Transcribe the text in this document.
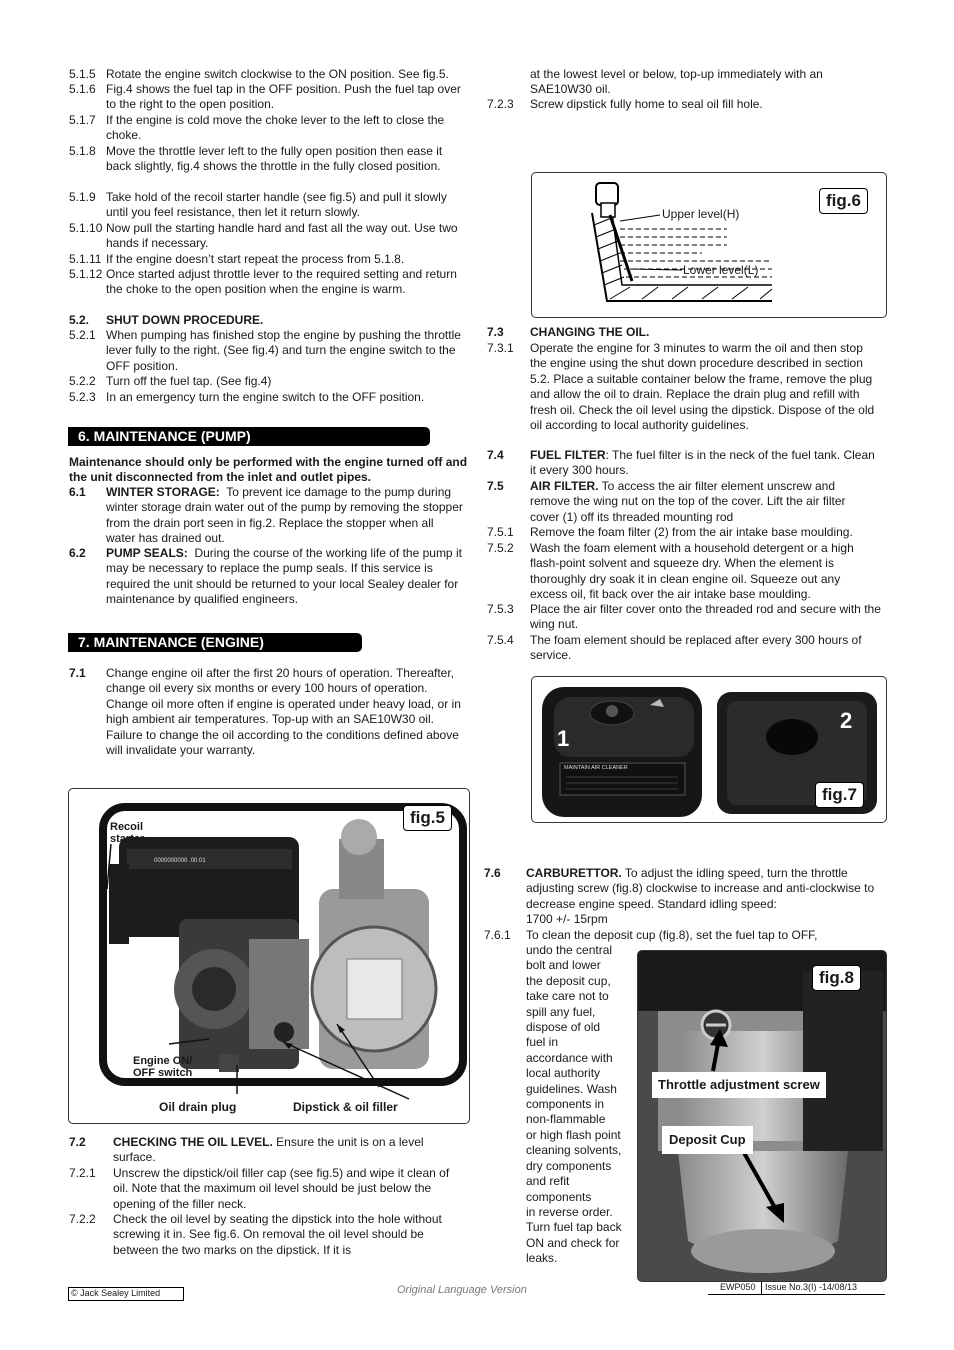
5.1.5 Rotate the engine switch clockwise to the ON position. See fig.5.
5.1.6 Fig.4 shows the fuel tap in the OFF position. Push the fuel tap over to the right to the open position.
5.1.7 If the engine is cold move the choke lever to the left to close the choke.
5.1.8 Move the throttle lever left to the fully open position then ease it back slightly, fig.4 shows the throttle in the fully closed position.
5.1.9 Take hold of the recoil starter handle (see fig.5) and pull it slowly until you feel resistance, then let it return slowly.
5.1.10 Now pull the starting handle hard and fast all the way out. Use two hands if necessary.
5.1.11 If the engine doesn’t start repeat the process from 5.1.8.
5.1.12 Once started adjust throttle lever to the required setting and return the choke to the open position when the engine is warm.
5.2. SHUT DOWN PROCEDURE.
5.2.1 When pumping has finished stop the engine by pushing the throttle lever fully to the right. (See fig.4) and turn the engine switch to the OFF position.
5.2.2 Turn off the fuel tap. (See fig.4)
5.2.3 In an emergency turn the engine switch to the OFF position.
6. MAINTENANCE (PUMP)
Maintenance should only be performed with the engine turned off and the unit disconnected from the inlet and outlet pipes.
6.1 WINTER STORAGE: To prevent ice damage to the pump during winter storage drain water out of the pump by removing the stopper from the drain port seen in fig.2. Replace the stopper when all water has drained out.
6.2 PUMP SEALS: During the course of the working life of the pump it may be necessary to replace the pump seals. If this service is required the unit should be returned to your local Sealey dealer for maintenance by qualified engineers.
7. MAINTENANCE (ENGINE)
7.1 Change engine oil after the first 20 hours of operation. Thereafter, change oil every six months or every 100 hours of operation. Change oil more often if engine is operated under heavy load, or in high ambient air temperatures. Top-up with an SAE10W30 oil. Failure to change the oil according to the conditions defined above will invalidate your warranty.
0000000000 .00.01
fig.5
Recoil starter
Engine ON/ OFF switch
Oil drain plug	Dipstick & oil filler
7.2 CHECKING THE OIL LEVEL. Ensure the unit is on a level surface.
7.2.1 Unscrew the dipstick/oil filler cap (see fig.5) and wipe it clean of oil. Note that the maximum oil level should be just below the opening of the filler neck.
7.2.2 Check the oil level by seating the dipstick into the hole without screwing it in. See fig.6. On removal the oil level should be between the two marks on the dipstick. If it is
at the lowest level or below, top-up immediately with an SAE10W30 oil.
7.2.3 Screw dipstick fully home to seal oil fill hole.
Upper level(H)
Lower level(L)
fig.6
7.3 CHANGING THE OIL.
7.3.1 Operate the engine for 3 minutes to warm the oil and then stop the engine using the shut down procedure described in section 5.2. Place a suitable container below the frame, remove the plug and allow the oil to drain. Replace the drain plug and refill with fresh oil. Check the oil level using the dipstick. Dispose of the old oil according to local authority guidelines.
7.4 FUEL FILTER: The fuel filter is in the neck of the fuel tank. Clean it every 300 hours.
7.5 AIR FILTER. To access the air filter element unscrew and remove the wing nut on the top of the cover. Lift the air filter cover (1) off its threaded mounting rod
7.5.1 Remove the foam filter (2) from the air intake base moulding.
7.5.2 Wash the foam element with a household detergent or a high flash-point solvent and squeeze dry. When the element is thoroughly dry soak it in clean engine oil. Squeeze out any excess oil, fit back over the air intake base moulding.
7.5.3 Place the air filter cover onto the threaded rod and secure with the wing nut.
7.5.4 The foam element should be replaced after every 300 hours of service.
MAINTAIN AIR CLEANER
1
2
fig.7
7.6 CARBURETTOR. To adjust the idling speed, turn the throttle adjusting screw (fig.8) clockwise to increase and anti-clockwise to decrease engine speed. Standard idling speed:
1700 +/- 15rpm
7.6.1 To clean the deposit cup (fig.8), set the fuel tap to OFF,
undo the central
bolt and lower
the deposit cup,
take care not to
spill any fuel,
dispose of old
fuel in
accordance with
local authority
guidelines. Wash
components in
non-flammable
or high flash point
cleaning solvents,
dry components
and refit
components
in reverse order.
Turn fuel tap back
ON and check for
leaks.
fig.8
Throttle adjustment screw
Deposit Cup
© Jack Sealey Limited	Original Language Version	EWP050 Issue No.3(I) -14/08/13
